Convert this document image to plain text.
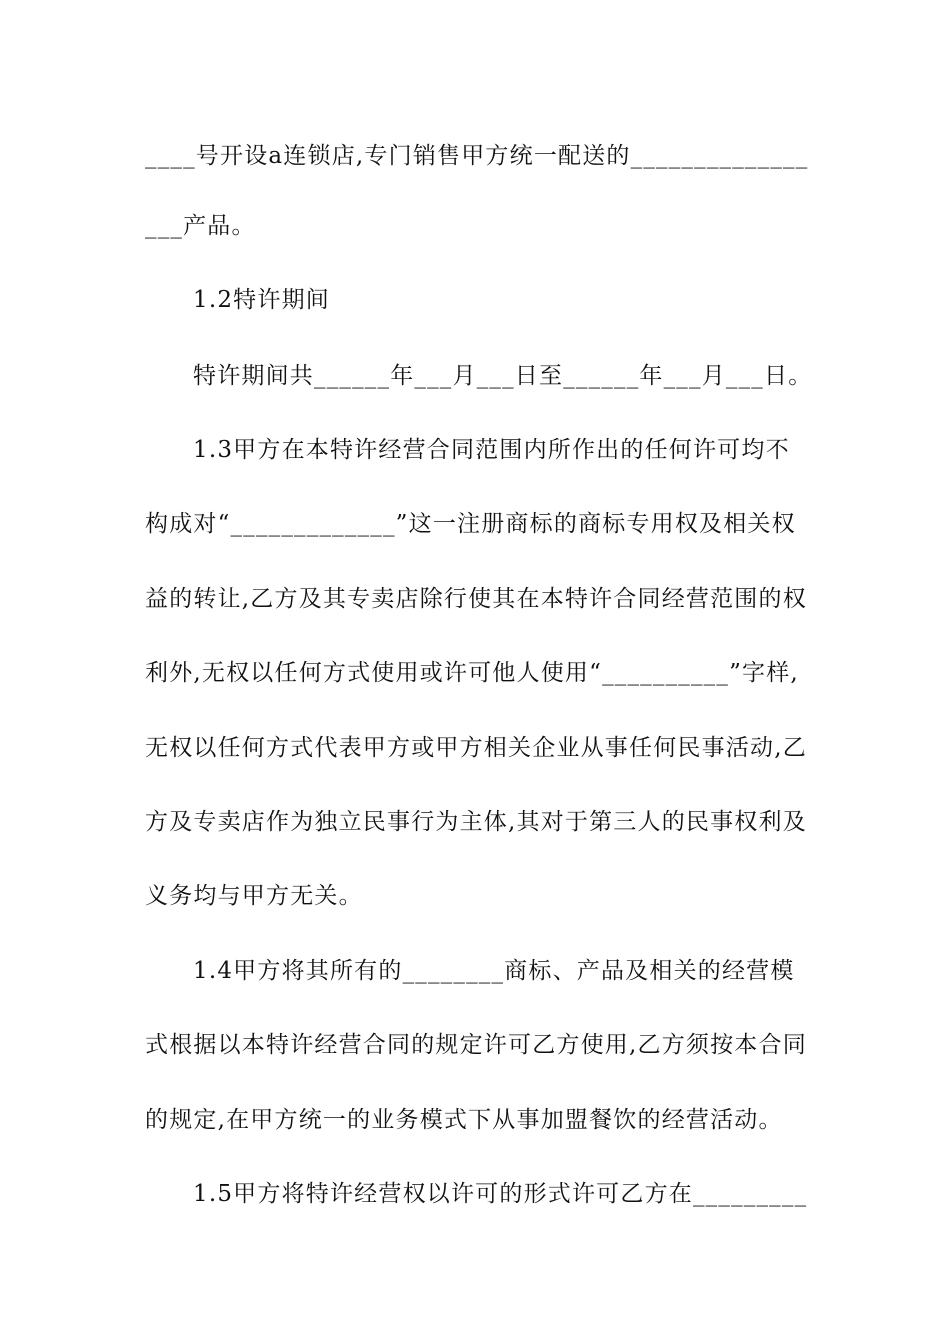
____号开设a连锁店,专门销售甲方统一配送的______________
___产品。
1.2特许期间
特许期间共______年___月___日至______年___月___日。
1.3甲方在本特许经营合同范围内所作出的任何许可均不
构成对“_____________”这一注册商标的商标专用权及相关权
益的转让,乙方及其专卖店除行使其在本特许合同经营范围的权
利外,无权以任何方式使用或许可他人使用“__________”字样,
无权以任何方式代表甲方或甲方相关企业从事任何民事活动,乙
方及专卖店作为独立民事行为主体,其对于第三人的民事权利及
义务均与甲方无关。
1.4甲方将其所有的________商标、产品及相关的经营模
式根据以本特许经营合同的规定许可乙方使用,乙方须按本合同
的规定,在甲方统一的业务模式下从事加盟餐饮的经营活动。
1.5甲方将特许经营权以许可的形式许可乙方在_________
